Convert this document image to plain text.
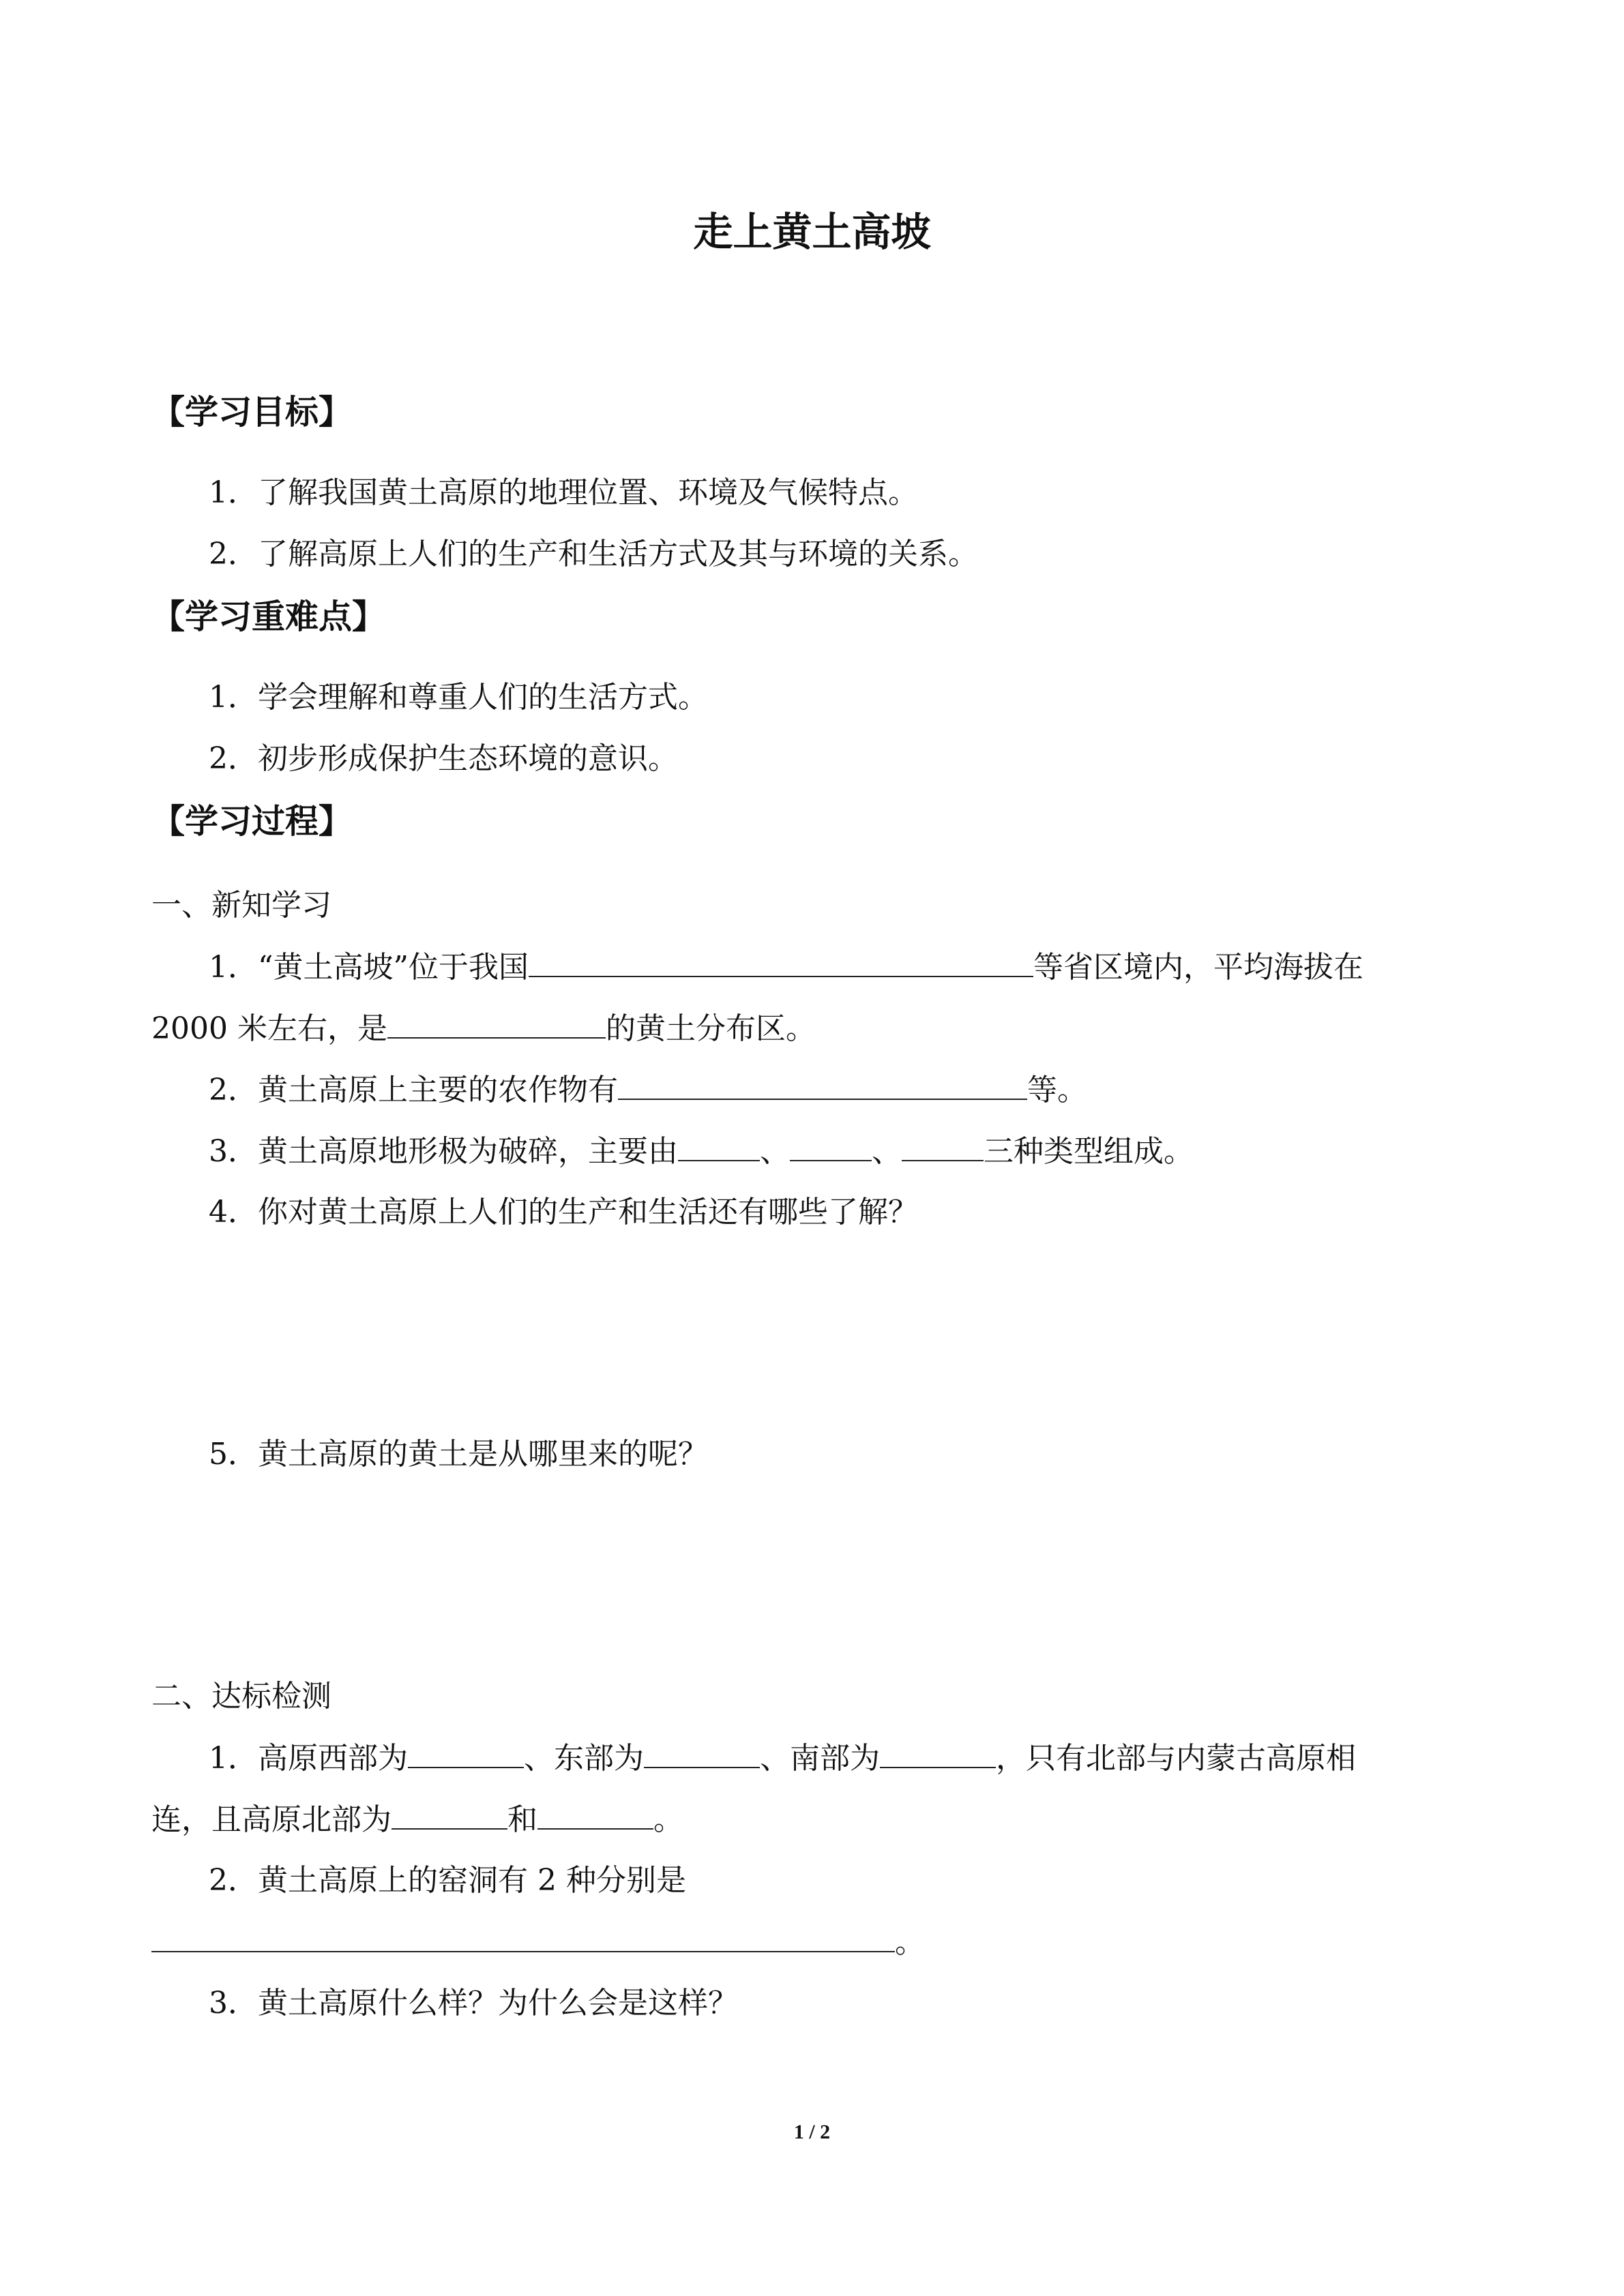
走上黄土高坡
【学习目标】
1．了解我国黄土高原的地理位置、环境及气候特点。
2．了解高原上人们的生产和生活方式及其与环境的关系。
【学习重难点】
1．学会理解和尊重人们的生活方式。
2．初步形成保护生态环境的意识。
【学习过程】
一、新知学习
1．“黄土高坡”位于我国	等省区境内，平均海拔在
2000 米左右，是	的黄土分布区。
2．黄土高原上主要的农作物有	等。
3．黄土高原地形极为破碎，主要由	、	、	三种类型组成。
4．你对黄土高原上人们的生产和生活还有哪些了解？
5．黄土高原的黄土是从哪里来的呢？
二、达标检测
1．高原西部为	、东部为	、南部为	，只有北部与内蒙古高原相
连，且高原北部为	和	。
2．黄土高原上的窑洞有 2 种分别是
。
3．黄土高原什么样？为什么会是这样？
1 / 2
